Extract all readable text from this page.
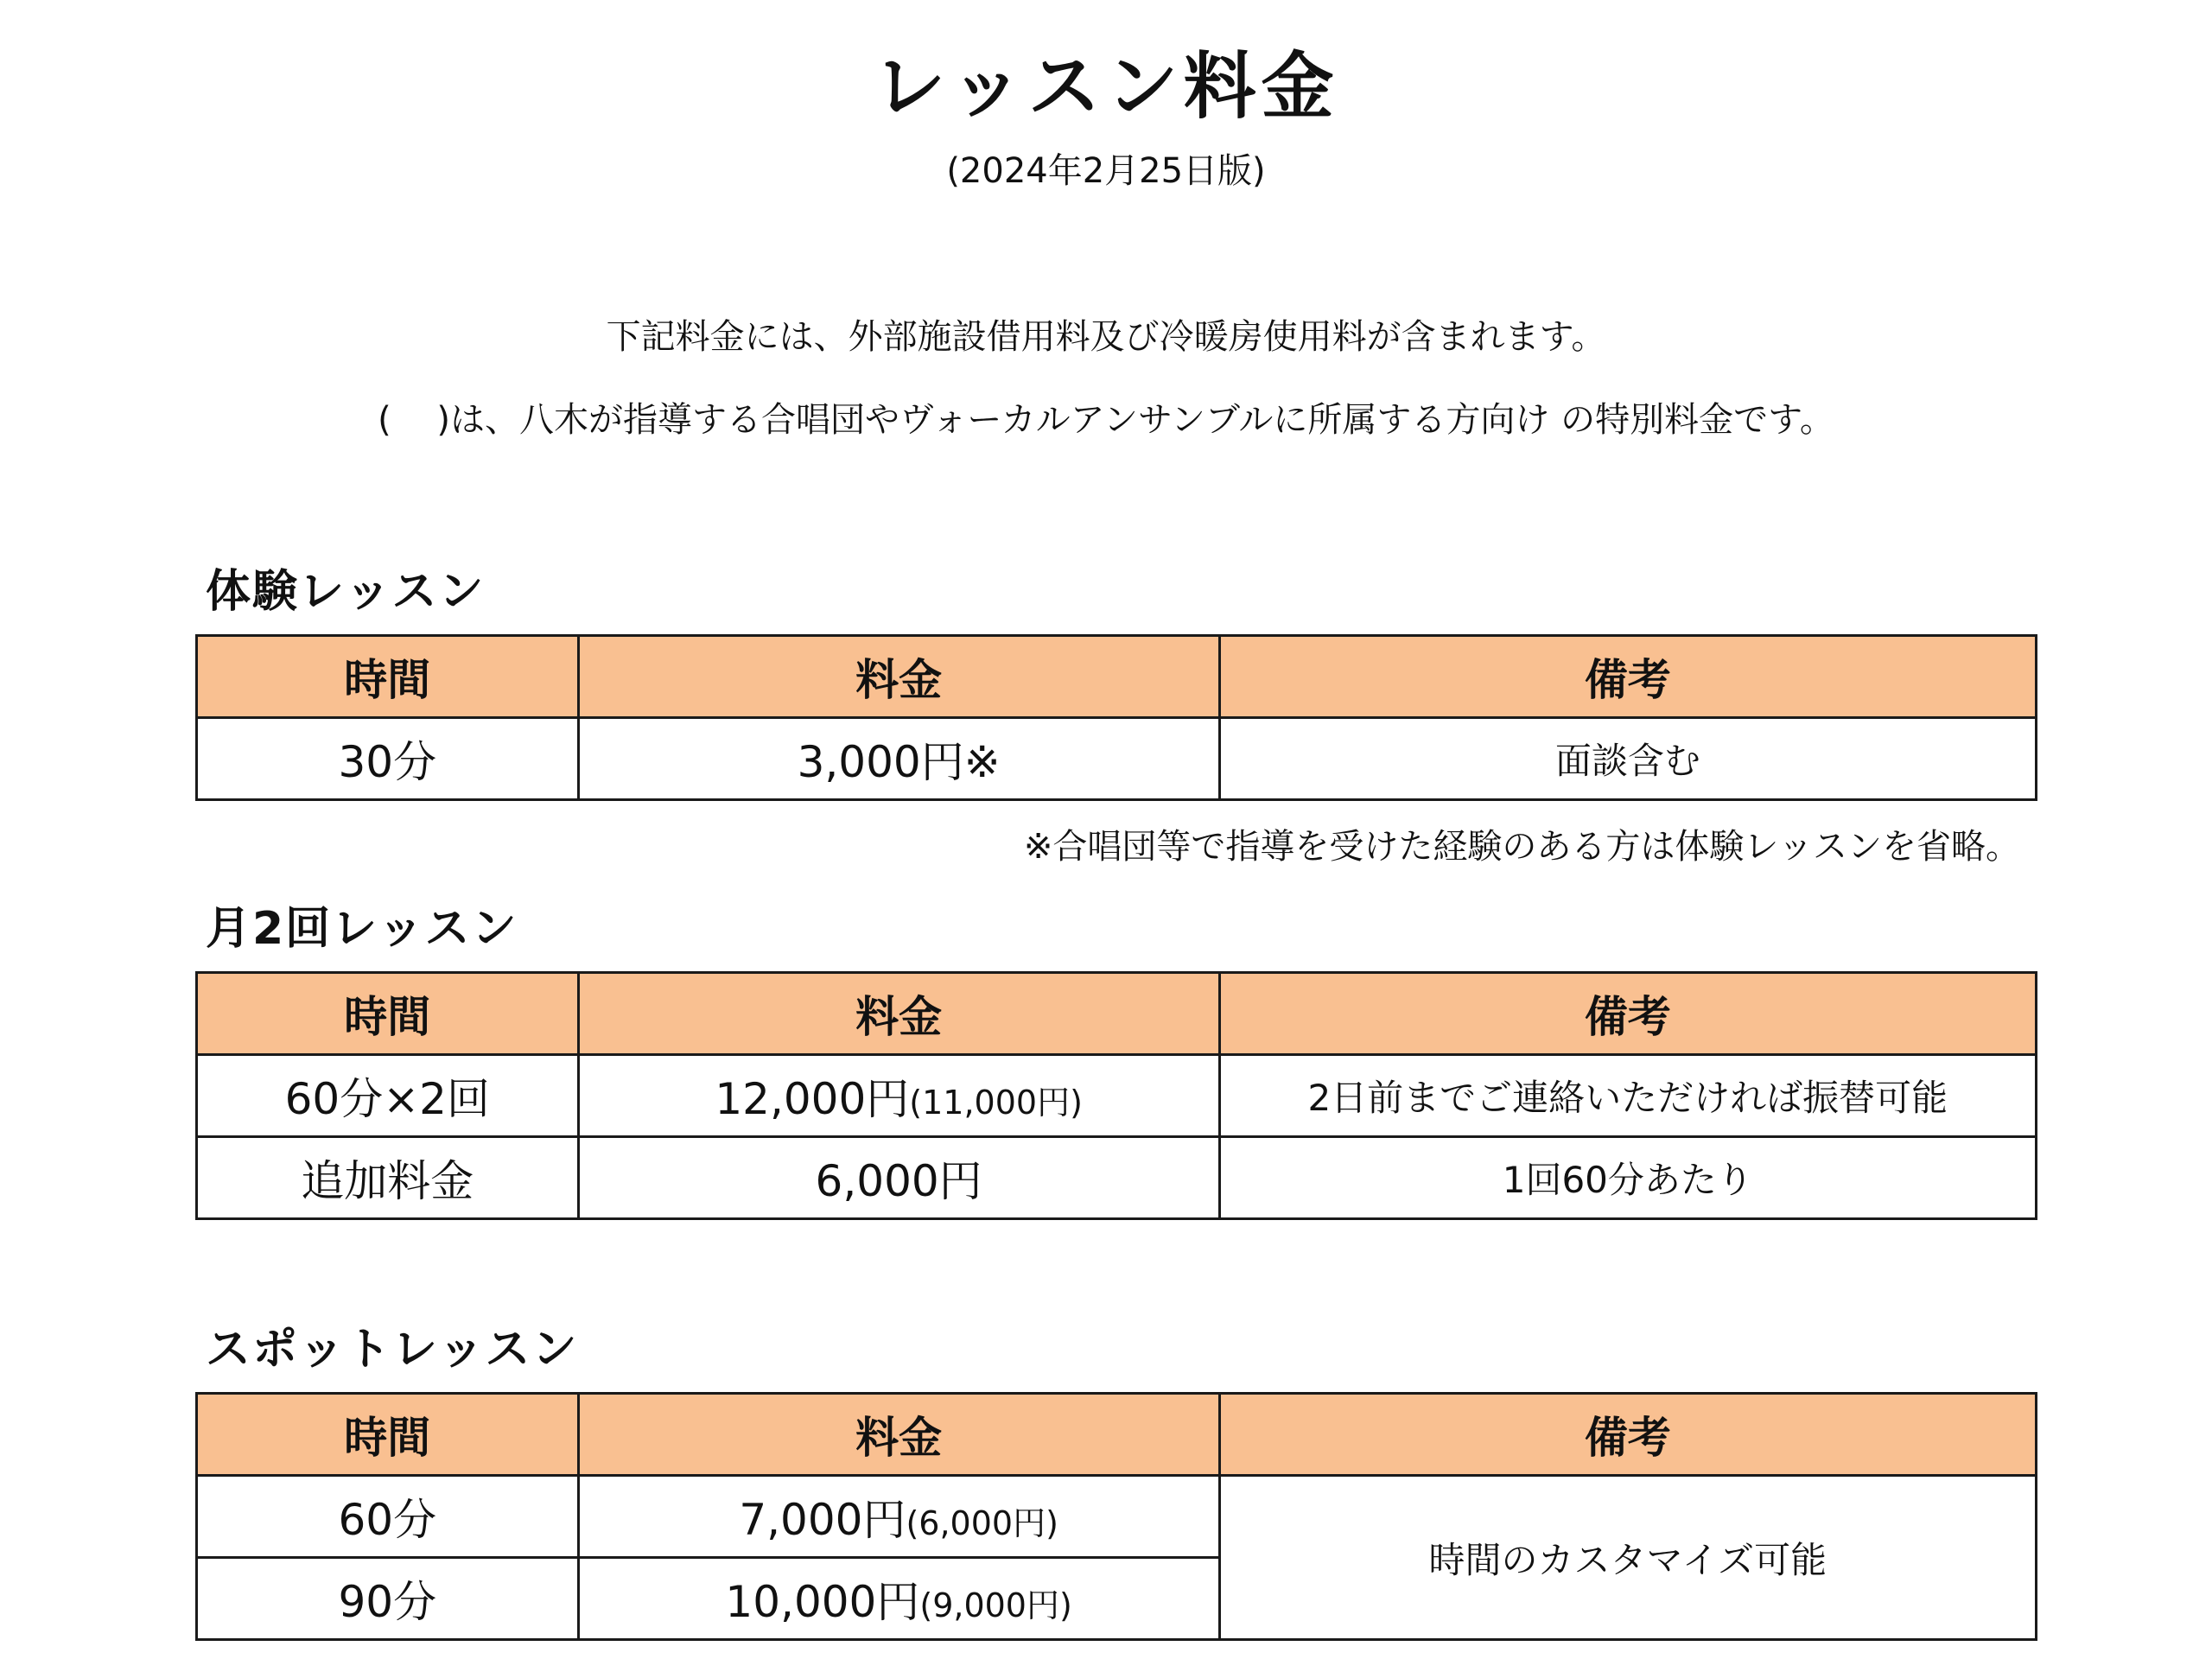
レッスン料金
(2024年2月25日版)
下記料金には、外部施設借用料及び冷暖房使用料が含まれます。
(　 )は、八木が指導する合唱団やヴォーカルアンサンブルに所属する方向け の特別料金です。
体験レッスン
時間	料金	備考
30分	3,000円※	面談含む
※合唱団等で指導を受けた経験のある方は体験レッスンを省略。
月2回レッスン
時間	料金	備考
60分×2回	12,000円(11,000円)	2日前までご連絡いただければ振替可能
追加料金	6,000円	1回60分あたり
スポットレッスン
時間	料金	備考
60分	7,000円(6,000円)	時間のカスタマイズ可能
90分	10,000円(9,000円)	
